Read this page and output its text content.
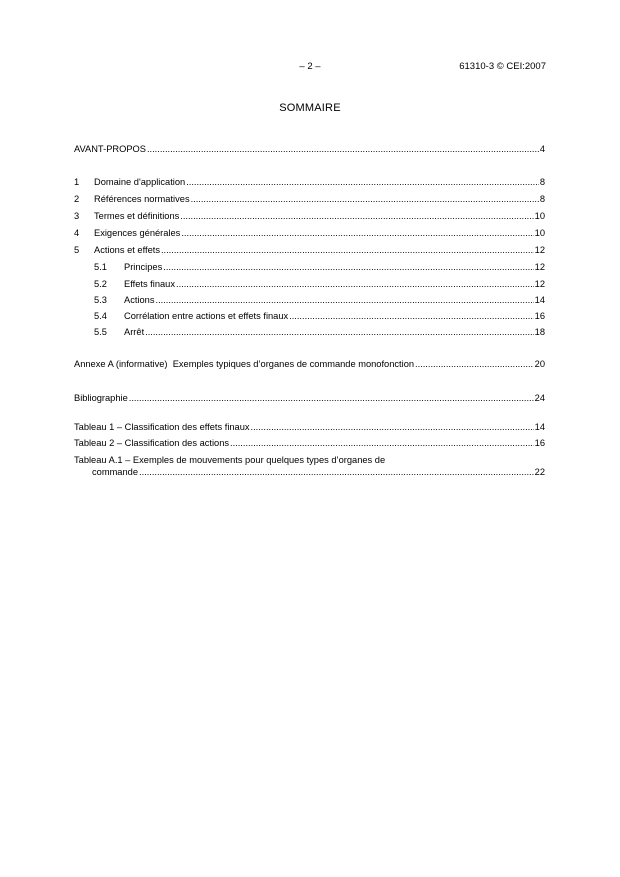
– 2 –	61310-3 © CEI:2007
SOMMAIRE
AVANT-PROPOS . . .	4
1	Domaine d'application . . .	8
2	Références normatives . . .	8
3	Termes et définitions . . .	10
4	Exigences générales . . .	10
5	Actions et effets . . .	12
5.1	Principes . . .	12
5.2	Effets finaux . . .	12
5.3	Actions . . .	14
5.4	Corrélation entre actions et effets finaux . . .	16
5.5	Arrêt . . .	18
Annexe A (informative)  Exemples typiques d’organes de commande monofonction . . .	20
Bibliographie . . .	24
Tableau 1 – Classification des effets finaux . . .	14
Tableau 2 – Classification des actions . . .	16
Tableau A.1 – Exemples de mouvements pour quelques types d’organes de
commande . . .	22
